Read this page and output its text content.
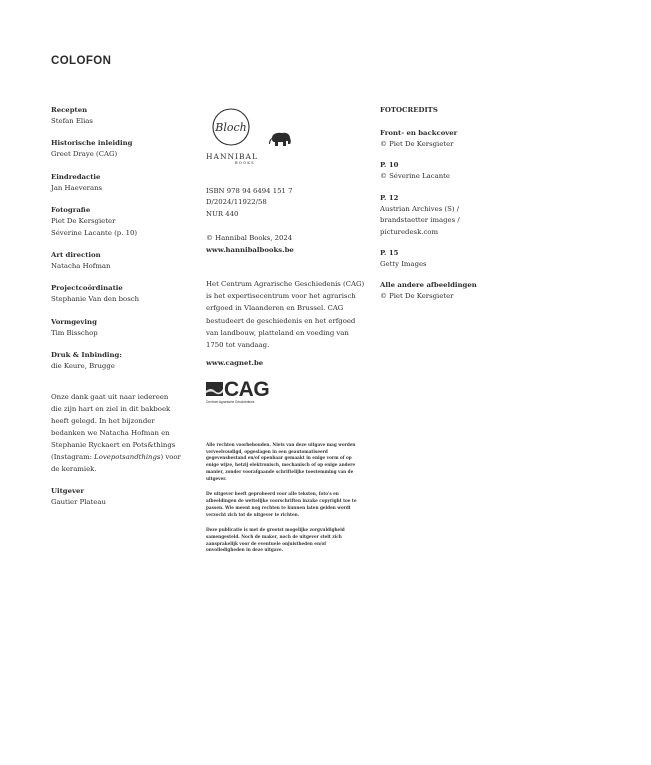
COLOFON
Recepten
Stefan Elias
Historische inleiding
Greet Draye (CAG)
Eindredactie
Jan Haeverans
Fotografie
Piet De Kersgieter
Séverine Lacante (p. 10)
Art direction
Natacha Hofman
Projectcoördinatie
Stephanie Van den bosch
Vormgeving
Tim Bisschop
Druk & Inbinding:
die Keure, Brugge
Onze dank gaat uit naar iedereen die zijn hart en ziel in dit bakboek heeft gelegd. In het bijzonder bedanken we Natacha Hofman en Stephanie Ryckaert en Pots&things (Instagram: Lovepotsandthings) voor de keramiek.
Uitgever
Gautier Plateau
Bloch

HANNIBAL
BOOKS
ISBN 978 94 6494 151 7
D/2024/11922/58
NUR 440
© Hannibal Books, 2024
www.hannibalbooks.be
Het Centrum Agrarische Geschiedenis (CAG) is het expertisecentrum voor het agrarisch erfgoed in Vlaanderen en Brussel. CAG bestudeert de geschiedenis en het erfgoed van landbouw, platteland en voeding van 1750 tot vandaag.
www.cagnet.be
CAG
Centrum Agrarische Geschiedenis
Alle rechten voorbehouden. Niets van deze uitgave mag worden verveelvoudigd, opgeslagen in een geautomatiseerd gegevensbestand en/of openbaar gemaakt in enige vorm of op enige wijze, hetzij elektronisch, mechanisch of op enige andere manier, zonder voorafgaande schriftelijke toestemming van de uitgever.
De uitgever heeft geprobeerd voor alle teksten, foto's en afbeeldingen de wettelijke voorschriften inzake copyright toe te passen. Wie meent nog rechten te kunnen laten gelden wordt verzocht zich tot de uitgever te richten.
Deze publicatie is met de grootst mogelijke zorgvuldigheid samengesteld. Noch de maker, noch de uitgever stelt zich aansprakelijk voor de eventuele onjuistheden en/of onvolledigheden in deze uitgave.
FOTOCREDITS
Front- en backcover
© Piet De Kersgieter
P. 10
© Séverine Lacante
P. 12
Austrian Archives (S) /
brandstaetter images /
picturedesk.com
P. 15
Getty Images
Alle andere afbeeldingen
© Piet De Kersgieter
